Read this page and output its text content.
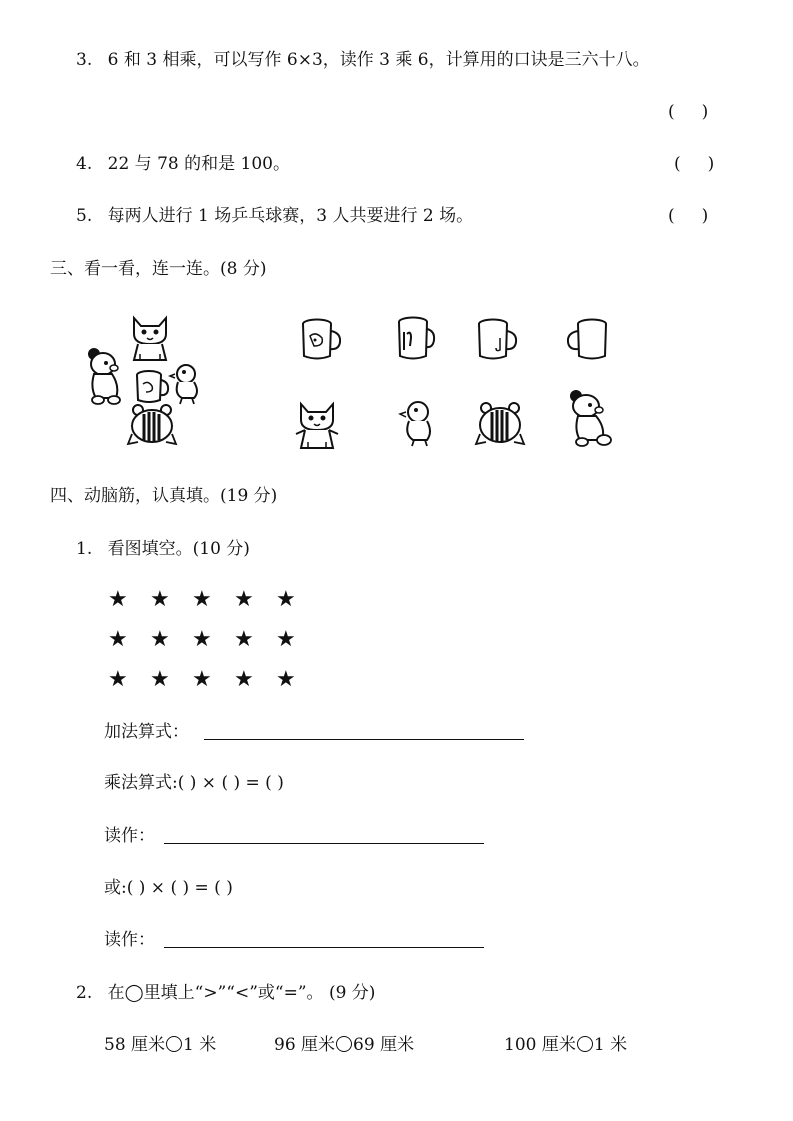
3. 6 和 3 相乘，可以写作 6×3，读作 3 乘 6，计算用的口诀是三六十八。
(     )
4. 22 与 78 的和是 100。	(     )
5. 每两人进行 1 场乒乓球赛，3 人共要进行 2 场。	(     )
三、看一看，连一连。(8 分)
四、动脑筋，认真填。(19 分)
1. 看图填空。(10 分)
★ ★ ★ ★ ★
★ ★ ★ ★ ★
★ ★ ★ ★ ★
加法算式：
乘法算式:( ) × ( ) = ( )
读作：
或:( ) × ( ) = ( )
读作：
2. 在◯里填上“>”“<”或“=”。 (9 分)
58 厘米 1 米	96 厘米 69 厘米	100 厘米 1 米
